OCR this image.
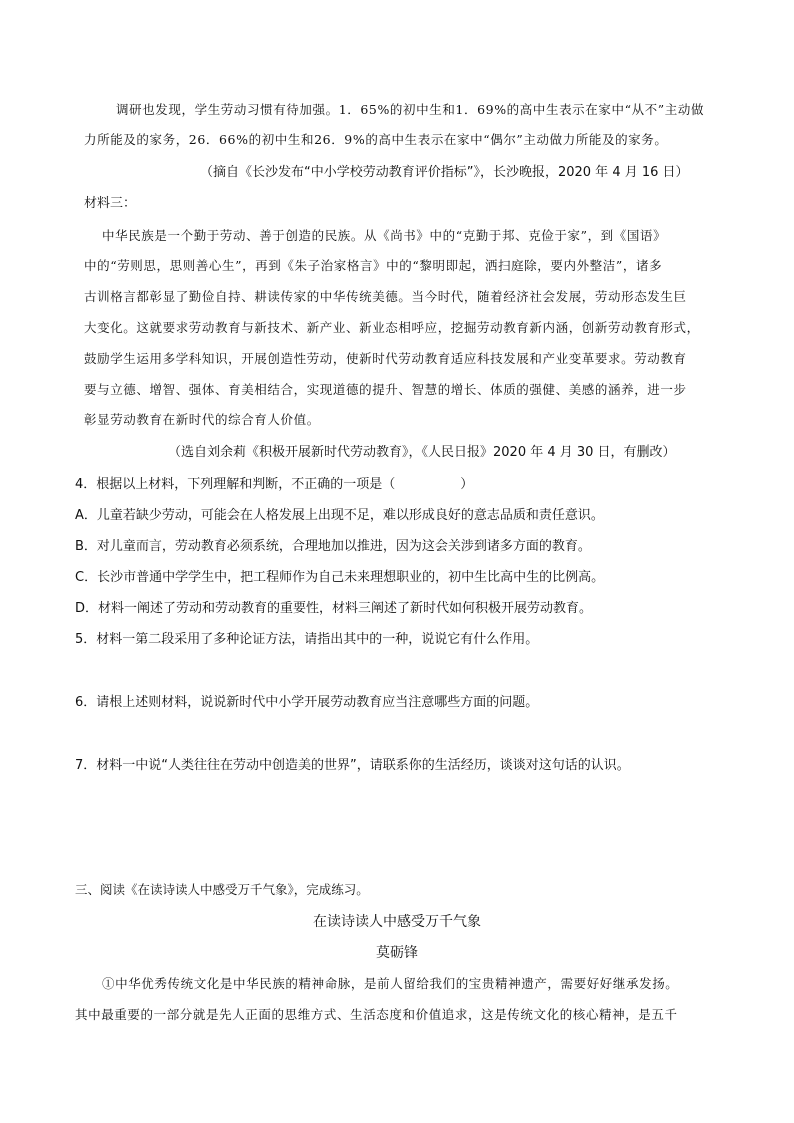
调研也发现，学生劳动习惯有待加强。1．65%的初中生和1．69%的高中生表示在家中“从不”主动做
力所能及的家务，26．66%的初中生和26．9%的高中生表示在家中“偶尔”主动做力所能及的家务。
（摘自《长沙发布“中小学校劳动教育评价指标”》，长沙晚报，2020 年 4 月 16 日）
材料三：
中华民族是一个勤于劳动、善于创造的民族。从《尚书》中的“克勤于邦、克俭于家”，到《国语》
中的“劳则思，思则善心生”，再到《朱子治家格言》中的“黎明即起，洒扫庭除，要内外整洁”，诸多
古训格言都彰显了勤俭自持、耕读传家的中华传统美德。当今时代，随着经济社会发展，劳动形态发生巨
大变化。这就要求劳动教育与新技术、新产业、新业态相呼应，挖掘劳动教育新内涵，创新劳动教育形式，
鼓励学生运用多学科知识，开展创造性劳动，使新时代劳动教育适应科技发展和产业变革要求。劳动教育
要与立德、增智、强体、育美相结合，实现道德的提升、智慧的增长、体质的强健、美感的涵养，进一步
彰显劳动教育在新时代的综合育人价值。
（选自刘余莉《积极开展新时代劳动教育》，《人民日报》2020 年 4 月 30 日，有删改）
4．根据以上材料，下列理解和判断，不正确的一项是（　　　　　）
A．儿童若缺少劳动，可能会在人格发展上出现不足，难以形成良好的意志品质和责任意识。
B．对儿童而言，劳动教育必须系统，合理地加以推进，因为这会关涉到诸多方面的教育。
C．长沙市普通中学学生中，把工程师作为自己未来理想职业的，初中生比高中生的比例高。
D．材料一阐述了劳动和劳动教育的重要性，材料三阐述了新时代如何积极开展劳动教育。
5．材料一第二段采用了多种论证方法，请指出其中的一种，说说它有什么作用。
6．请根上述则材料，说说新时代中小学开展劳动教育应当注意哪些方面的问题。
7．材料一中说“人类往往在劳动中创造美的世界”，请联系你的生活经历，谈谈对这句话的认识。
三、阅读《在读诗读人中感受万千气象》，完成练习。
在读诗读人中感受万千气象
莫砺锋
①中华优秀传统文化是中华民族的精神命脉，是前人留给我们的宝贵精神遗产，需要好好继承发扬。
其中最重要的一部分就是先人正面的思维方式、生活态度和价值追求，这是传统文化的核心精神，是五千
